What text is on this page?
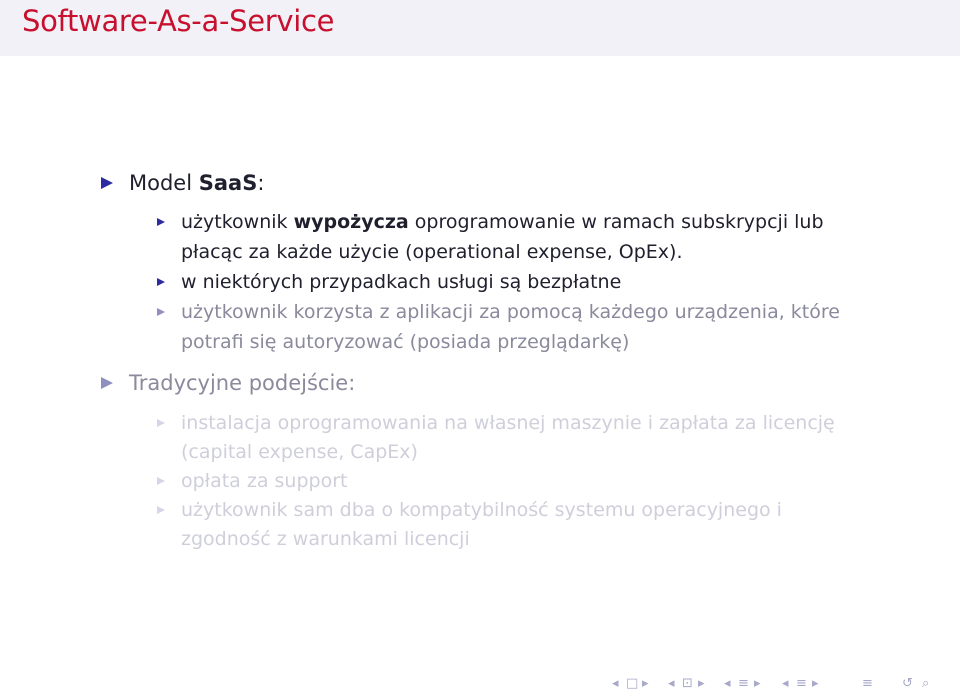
Software-As-a-Service
Model SaaS:
użytkownik wypożycza oprogramowanie w ramach subskrypcji lub
płacąc za każde użycie (operational expense, OpEx).
w niektórych przypadkach usługi są bezpłatne
użytkownik korzysta z aplikacji za pomocą każdego urządzenia, które
potrafi się autoryzować (posiada przeglądarkę)
Tradycyjne podejście:
instalacja oprogramowania na własnej maszynie i zapłata za licencję
(capital expense, CapEx)
opłata za support
użytkownik sam dba o kompatybilność systemu operacyjnego i
zgodność z warunkami licencji
◂ □ ▸ ◂ ⊡ ▸ ◂ ≡ ▸ ◂ ≡ ▸	≡ ↺ ⌕
